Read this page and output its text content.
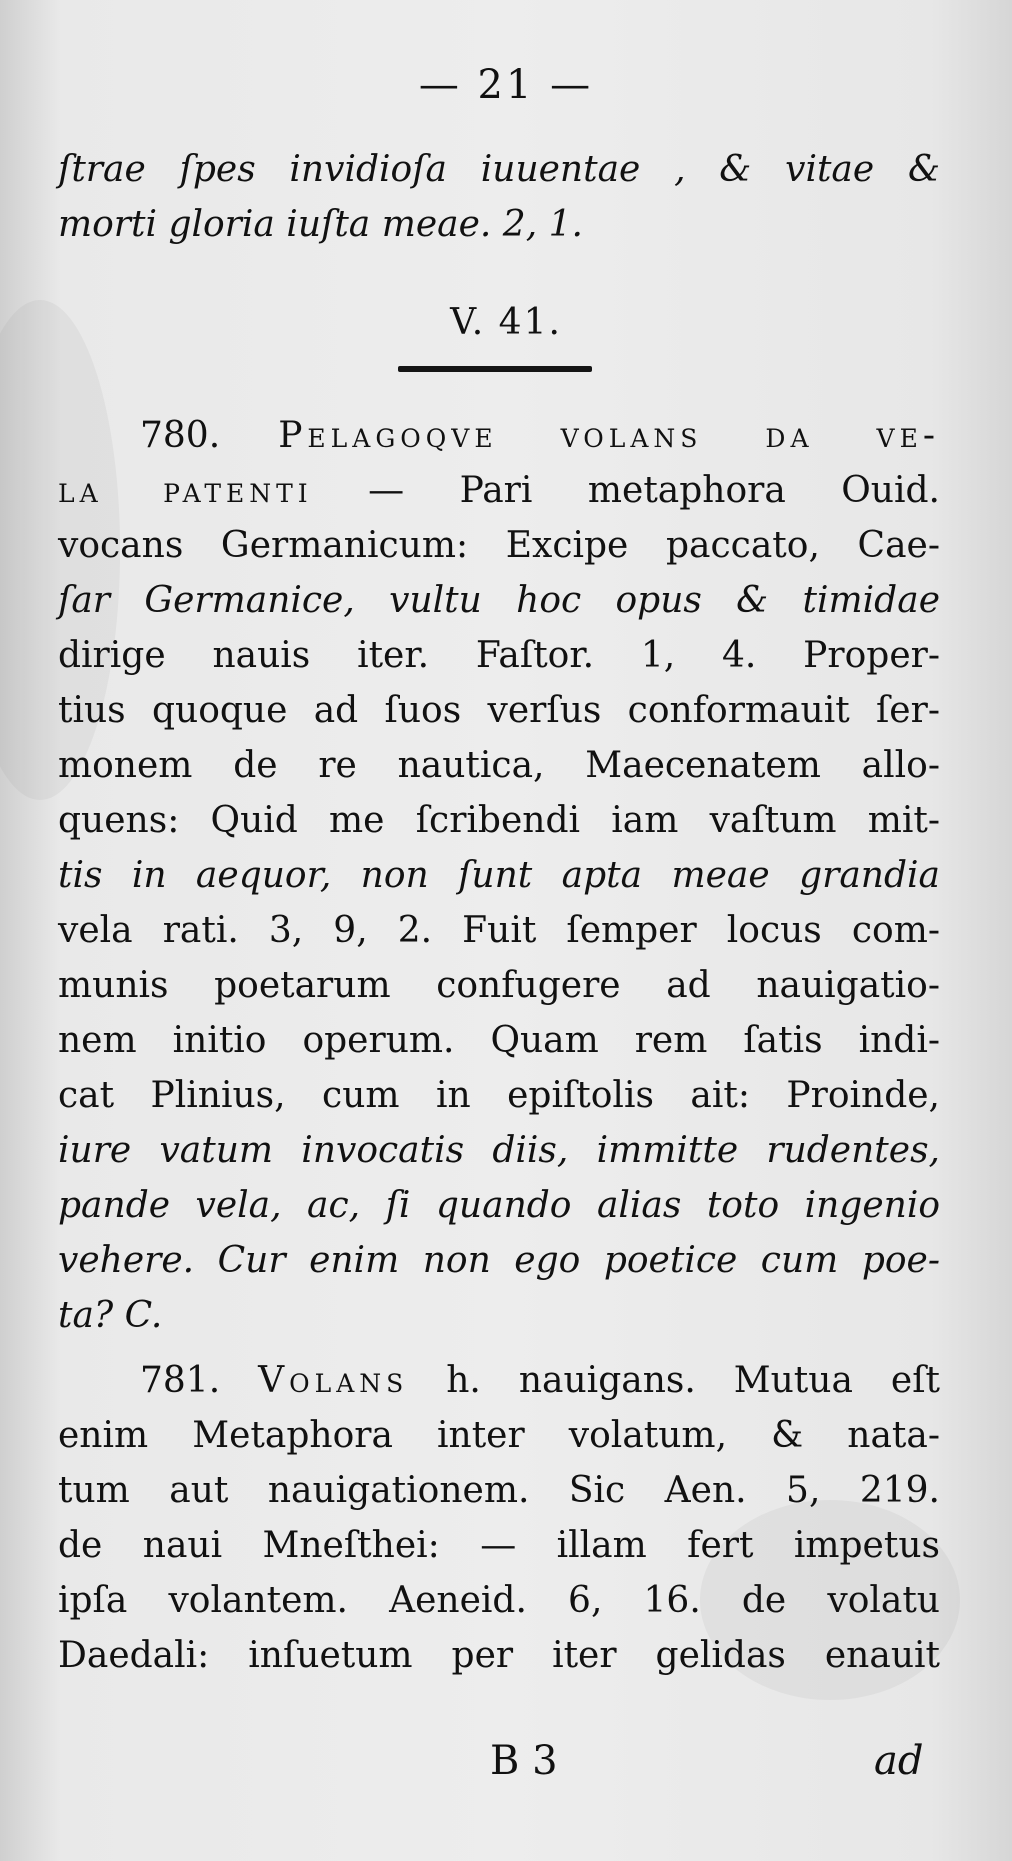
— 21 —
ſtrae ſpes invidioſa iuuentae , & vitae &
morti gloria iuſta meae. 2, 1.
V. 41.
780. Pelagoqve volans da ve-
la patenti — Pari metaphora Ouid.
vocans Germanicum: Excipe paccato, Cae-
ſar Germanice, vultu hoc opus & timidae
dirige nauis iter. Faſtor. 1, 4. Proper-
tius quoque ad ſuos verſus conformauit ſer-
monem de re nautica, Maecenatem allo-
quens: Quid me ſcribendi iam vaſtum mit-
tis in aequor, non ſunt apta meae grandia
vela rati. 3, 9, 2. Fuit ſemper locus com-
munis poetarum confugere ad nauigatio-
nem initio operum. Quam rem ſatis indi-
cat Plinius, cum in epiſtolis ait: Proinde,
iure vatum invocatis diis, immitte rudentes,
pande vela, ac, ſi quando alias toto ingenio
vehere. Cur enim non ego poetice cum poe-
ta? C.
781. Volans h. nauigans. Mutua eſt
enim Metaphora inter volatum, & nata-
tum aut nauigationem. Sic Aen. 5, 219.
de naui Mneſthei: — illam fert impetus
ipſa volantem. Aeneid. 6, 16. de volatu
Daedali: inſuetum per iter gelidas enauit
B 3	ad
